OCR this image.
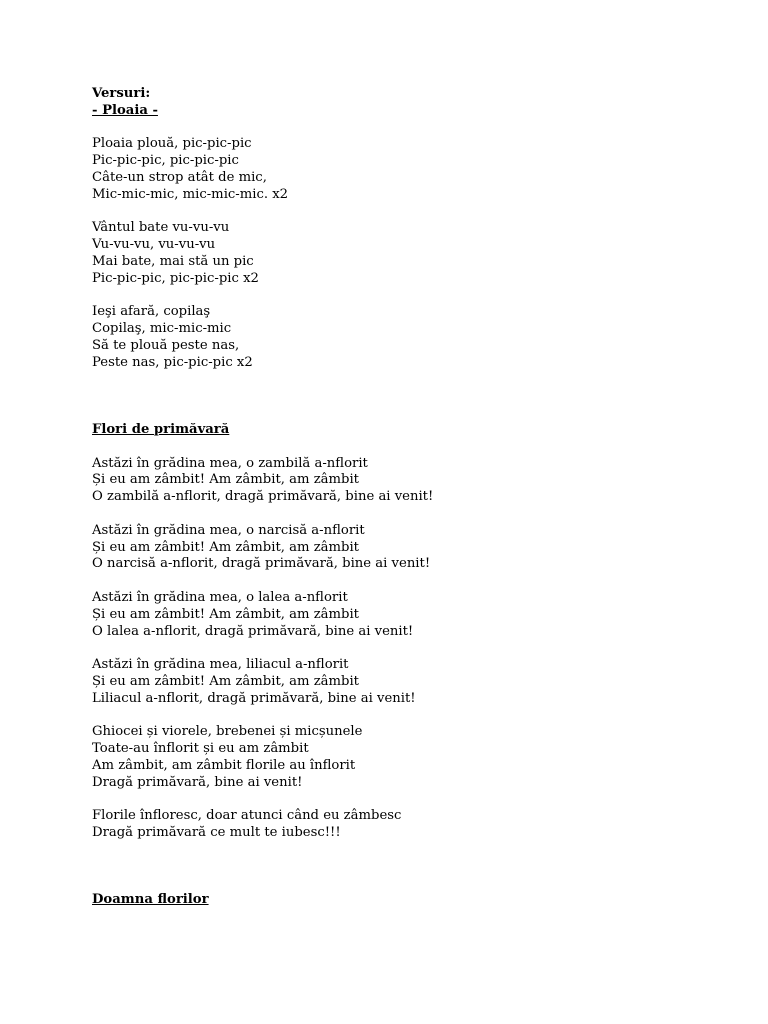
Versuri:
- Ploaia -
Ploaia plouă, pic-pic-pic
Pic-pic-pic, pic-pic-pic
Câte-un strop atât de mic,
Mic-mic-mic, mic-mic-mic. x2
Vântul bate vu-vu-vu
Vu-vu-vu, vu-vu-vu
Mai bate, mai stă un pic
Pic-pic-pic, pic-pic-pic x2
Ieşi afară, copilaş
Copilaş, mic-mic-mic
Să te plouă peste nas,
Peste nas, pic-pic-pic x2
Flori de primăvară
Astăzi în grădina mea, o zambilă a-nflorit
Și eu am zâmbit! Am zâmbit, am zâmbit
O zambilă a-nflorit, dragă primăvară, bine ai venit!
Astăzi în grădina mea, o narcisă a-nflorit
Și eu am zâmbit! Am zâmbit, am zâmbit
O narcisă a-nflorit, dragă primăvară, bine ai venit!
Astăzi în grădina mea, o lalea a-nflorit
Și eu am zâmbit! Am zâmbit, am zâmbit
O lalea a-nflorit, dragă primăvară, bine ai venit!
Astăzi în grădina mea, liliacul a-nflorit
Și eu am zâmbit! Am zâmbit, am zâmbit
Liliacul a-nflorit, dragă primăvară, bine ai venit!
Ghiocei și viorele, brebenei și micșunele
Toate-au înflorit și eu am zâmbit
Am zâmbit, am zâmbit florile au înflorit
Dragă primăvară, bine ai venit!
Florile înfloresc, doar atunci când eu zâmbesc
Dragă primăvară ce mult te iubesc!!!
Doamna florilor
